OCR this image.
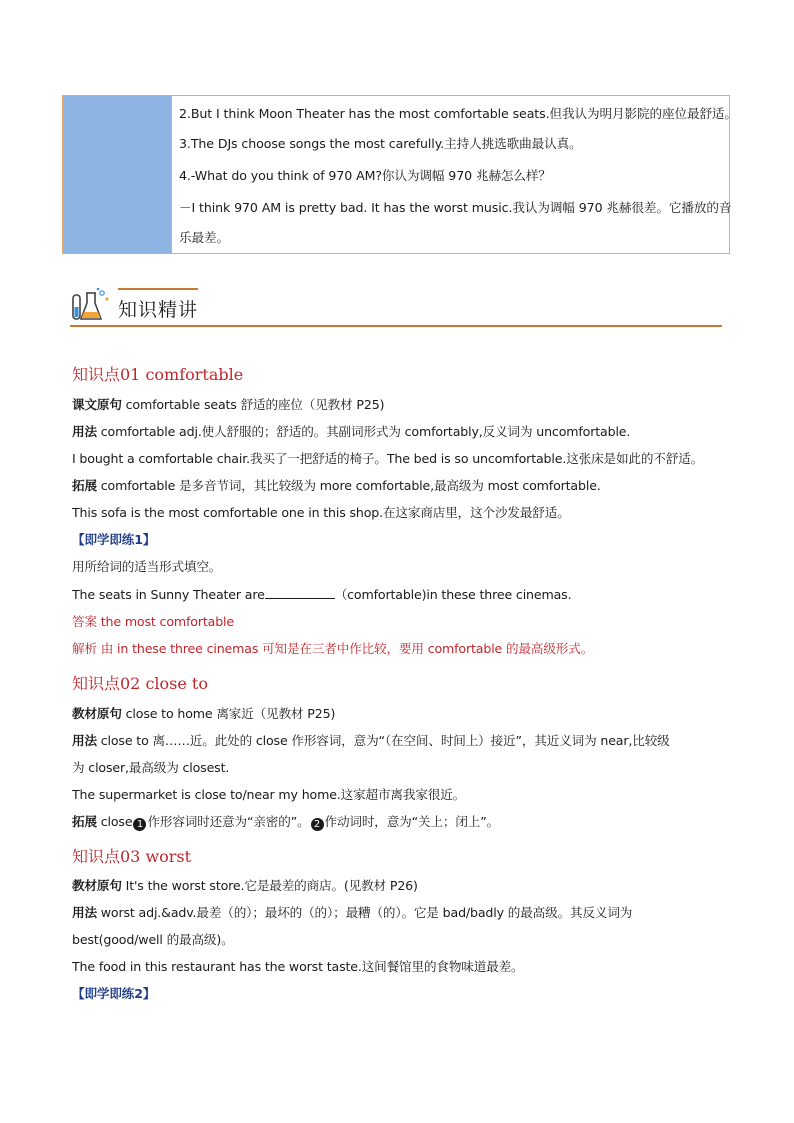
2.But I think Moon Theater has the most comfortable seats.但我认为明月影院的座位最舒适。
3.The DJs choose songs the most carefully.主持人挑选歌曲最认真。
4.-What do you think of 970 AM?你认为调幅 970 兆赫怎么样？
－I think 970 AM is pretty bad. It has the worst music.我认为调幅 970 兆赫很差。它播放的音
乐最差。
知识精讲
知识点01 comfortable
课文原句 comfortable seats 舒适的座位（见教材 P25)
用法 comfortable adj.使人舒服的；舒适的。其副词形式为 comfortably,反义词为 uncomfortable.
I bought a comfortable chair.我买了一把舒适的椅子。The bed is so uncomfortable.这张床是如此的不舒适。
拓展 comfortable 是多音节词，其比较级为 more comfortable,最高级为 most comfortable.
This sofa is the most comfortable one in this shop.在这家商店里，这个沙发最舒适。
【即学即练1】
用所给词的适当形式填空。
The seats in Sunny Theater are	（comfortable)in these three cinemas.
答案 the most comfortable
解析 由 in these three cinemas 可知是在三者中作比较，要用 comfortable 的最高级形式。
知识点02 close to
教材原句 close to home 离家近（见教材 P25)
用法 close to 离……近。此处的 close 作形容词，意为“（在空间、时间上）接近”，其近义词为 near,比较级
为 closer,最高级为 closest.
The supermarket is close to/near my home.这家超市离我家很近。
拓展 close 1 作形容词时还意为“亲密的”。 2 作动词时，意为“关上；闭上”。
知识点03 worst
教材原句 It's the worst store.它是最差的商店。(见教材 P26)
用法 worst adj.&adv.最差（的）；最坏的（的）；最糟（的）。它是 bad/badly 的最高级。其反义词为
best(good/well 的最高级)。
The food in this restaurant has the worst taste.这间餐馆里的食物味道最差。
【即学即练2】
